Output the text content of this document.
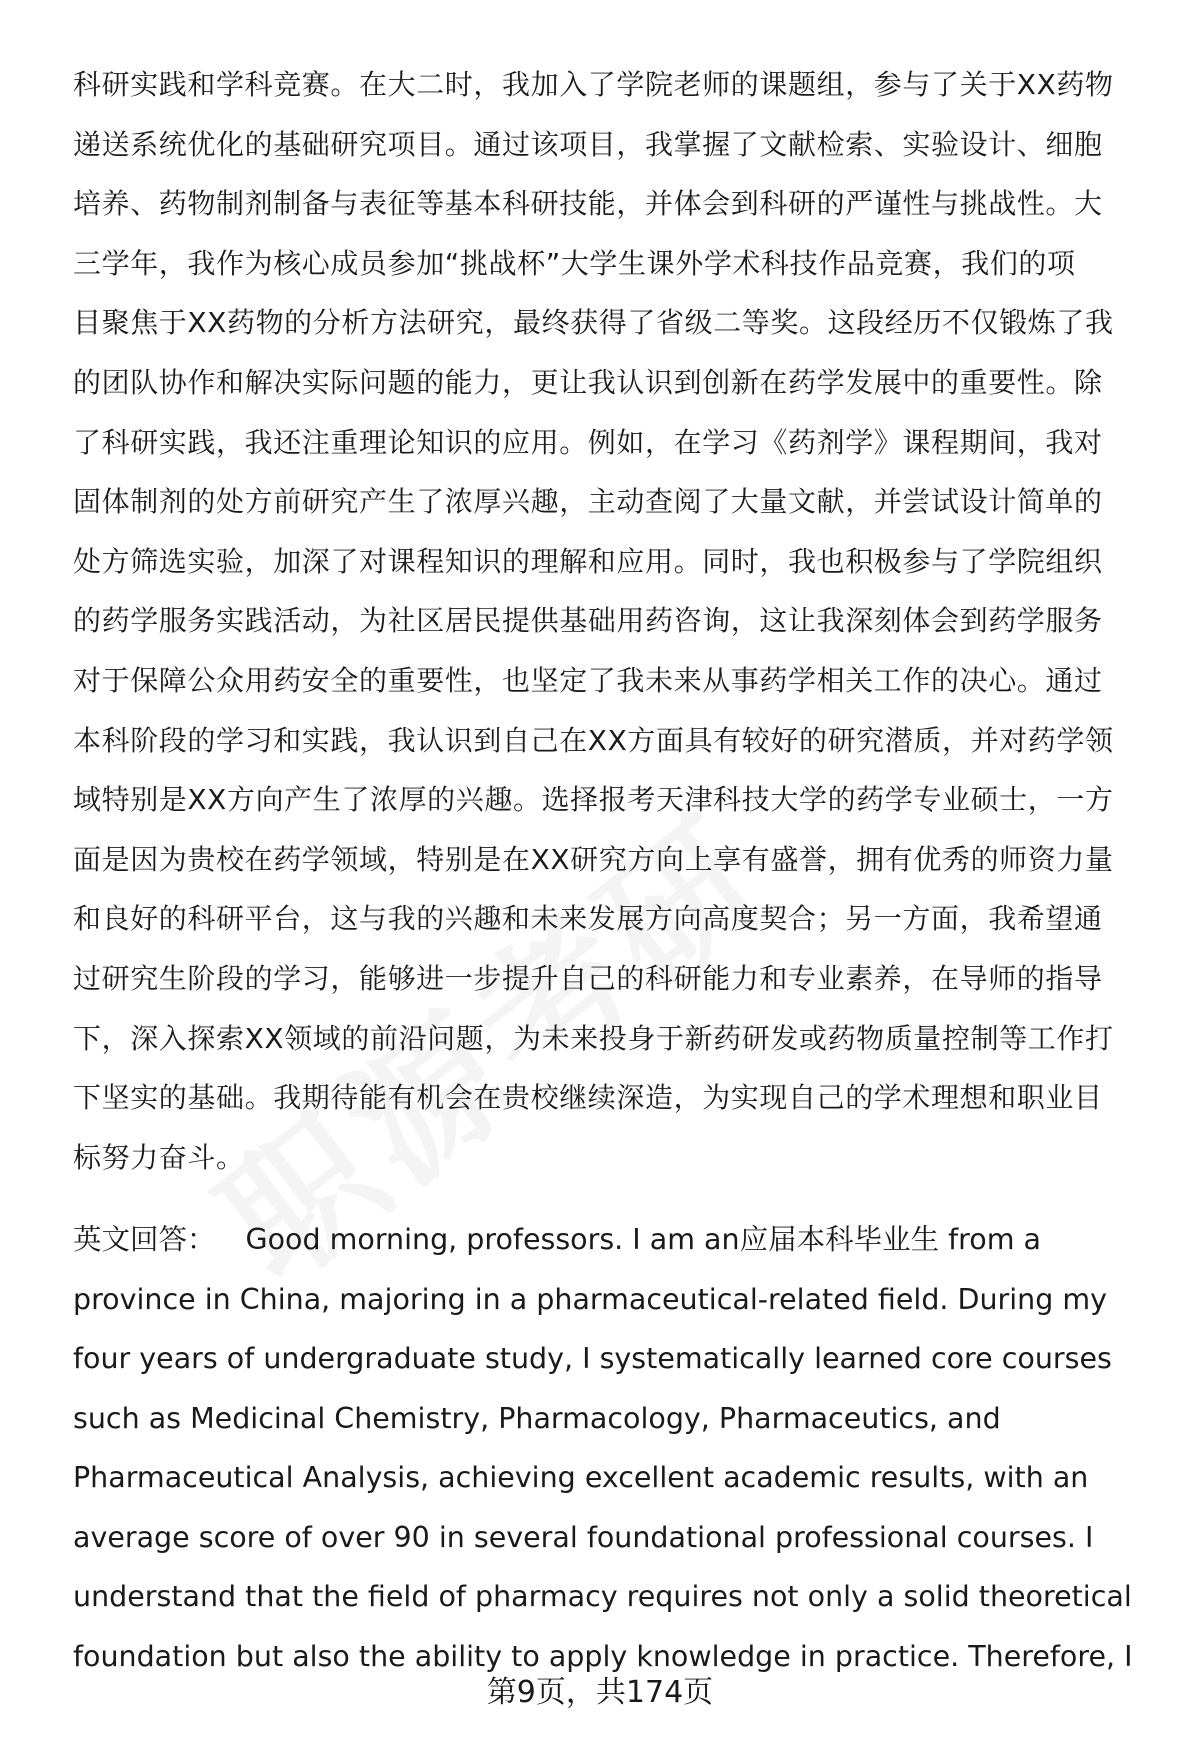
科研实践和学科竞赛。在大二时，我加入了学院老师的课题组，参与了关于XX药物
递送系统优化的基础研究项目。通过该项目，我掌握了文献检索、实验设计、细胞
培养、药物制剂制备与表征等基本科研技能，并体会到科研的严谨性与挑战性。大
三学年，我作为核心成员参加“挑战杯”大学生课外学术科技作品竞赛，我们的项
目聚焦于XX药物的分析方法研究，最终获得了省级二等奖。这段经历不仅锻炼了我
的团队协作和解决实际问题的能力，更让我认识到创新在药学发展中的重要性。除
了科研实践，我还注重理论知识的应用。例如，在学习《药剂学》课程期间，我对
固体制剂的处方前研究产生了浓厚兴趣，主动查阅了大量文献，并尝试设计简单的
处方筛选实验，加深了对课程知识的理解和应用。同时，我也积极参与了学院组织
的药学服务实践活动，为社区居民提供基础用药咨询，这让我深刻体会到药学服务
对于保障公众用药安全的重要性，也坚定了我未来从事药学相关工作的决心。通过
本科阶段的学习和实践，我认识到自己在XX方面具有较好的研究潜质，并对药学领
域特别是XX方向产生了浓厚的兴趣。选择报考天津科技大学的药学专业硕士，一方
面是因为贵校在药学领域，特别是在XX研究方向上享有盛誉，拥有优秀的师资力量
和良好的科研平台，这与我的兴趣和未来发展方向高度契合；另一方面，我希望通
过研究生阶段的学习，能够进一步提升自己的科研能力和专业素养，在导师的指导
下，深入探索XX领域的前沿问题，为未来投身于新药研发或药物质量控制等工作打
下坚实的基础。我期待能有机会在贵校继续深造，为实现自己的学术理想和职业目
标努力奋斗。
英文回答： Good morning, professors. I am an应届本科毕业生 from a
province in China, majoring in a pharmaceutical-related field. During my
four years of undergraduate study, I systematically learned core courses
such as Medicinal Chemistry, Pharmacology, Pharmaceutics, and
Pharmaceutical Analysis, achieving excellent academic results, with an
average score of over 90 in several foundational professional courses. I
understand that the field of pharmacy requires not only a solid theoretical
foundation but also the ability to apply knowledge in practice. Therefore, I
第9页，共174页
